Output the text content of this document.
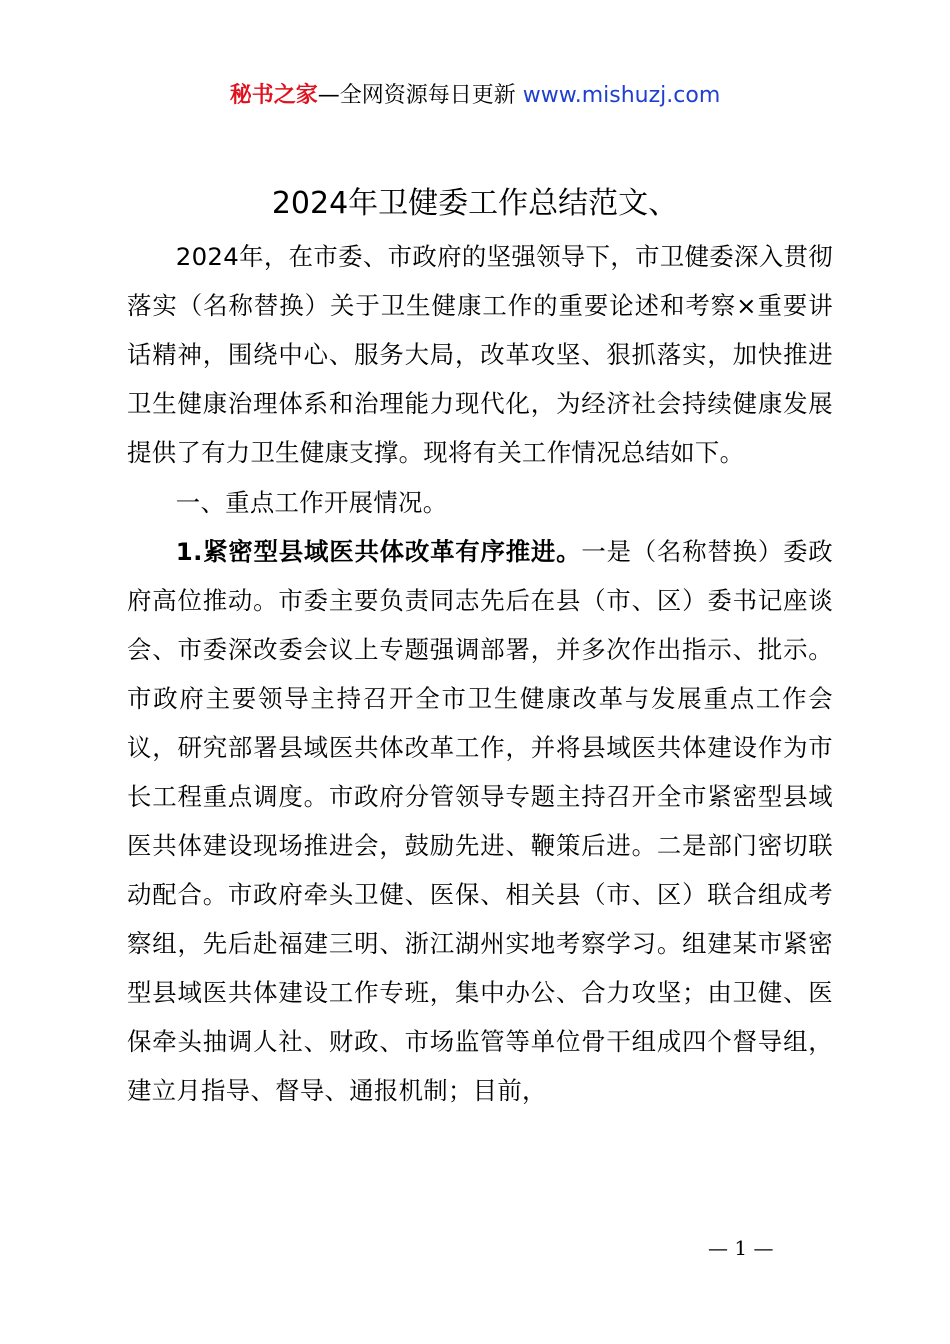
秘书之家—全网资源每日更新 www.mishuzj.com
2024年卫健委工作总结范文、

2024年，在市委、市政府的坚强领导下，市卫健委深入贯彻落实（名称替换）关于卫生健康工作的重要论述和考察×重要讲话精神，围绕中心、服务大局，改革攻坚、狠抓落实，加快推进卫生健康治理体系和治理能力现代化，为经济社会持续健康发展提供了有力卫生健康支撑。现将有关工作情况总结如下。

一、重点工作开展情况。

1.紧密型县域医共体改革有序推进。一是（名称替换）委政府高位推动。市委主要负责同志先后在县（市、区）委书记座谈会、市委深改委会议上专题强调部署，并多次作出指示、批示。市政府主要领导主持召开全市卫生健康改革与发展重点工作会议，研究部署县域医共体改革工作，并将县域医共体建设作为市长工程重点调度。市政府分管领导专题主持召开全市紧密型县域医共体建设现场推进会，鼓励先进、鞭策后进。二是部门密切联动配合。市政府牵头卫健、医保、相关县（市、区）联合组成考察组，先后赴福建三明、浙江湖州实地考察学习。组建某市紧密型县域医共体建设工作专班，集中办公、合力攻坚；由卫健、医保牵头抽调人社、财政、市场监管等单位骨干组成四个督导组，建立月指导、督导、通报机制；目前，

— 1 —
